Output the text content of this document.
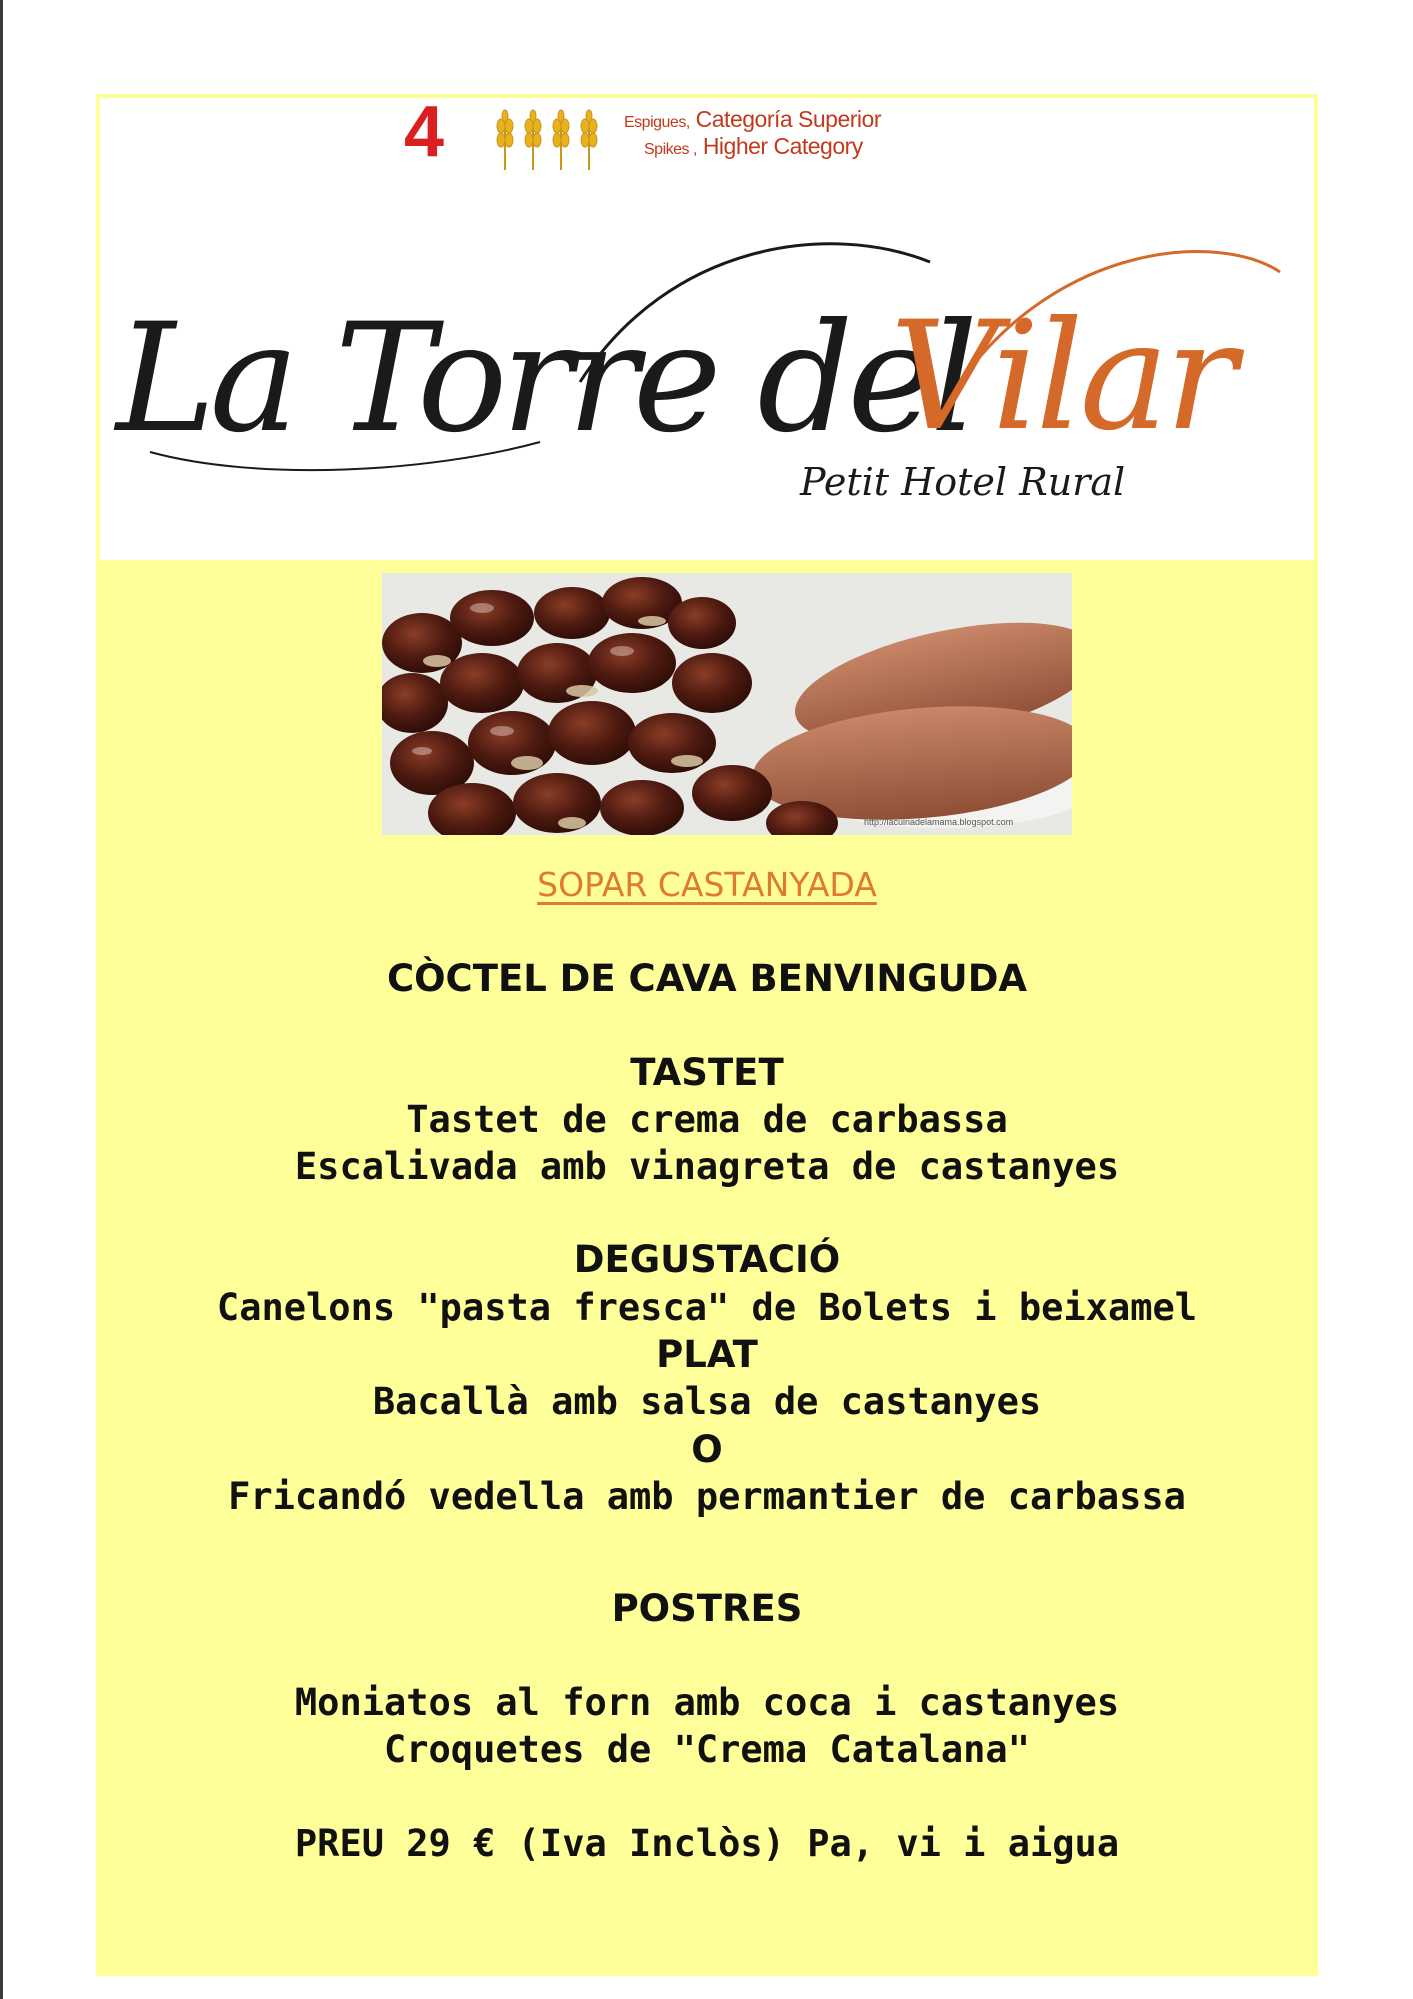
4	Espigues, Categoría Superior
Spikes , Higher Category
La Torre del
Vilar
Petit Hotel Rural
http://lacuinadelamama.blogspot.com
SOPAR CASTANYADA
CÒCTEL DE CAVA BENVINGUDA
TASTET
Tastet de crema de carbassa
Escalivada amb vinagreta de castanyes
DEGUSTACIÓ
Canelons "pasta fresca" de Bolets i beixamel
PLAT
Bacallà amb salsa de castanyes
O
Fricandó vedella amb permantier de carbassa
POSTRES
Moniatos al forn amb coca i castanyes
Croquetes de "Crema Catalana"
PREU 29 € (Iva Inclòs) Pa, vi i aigua
